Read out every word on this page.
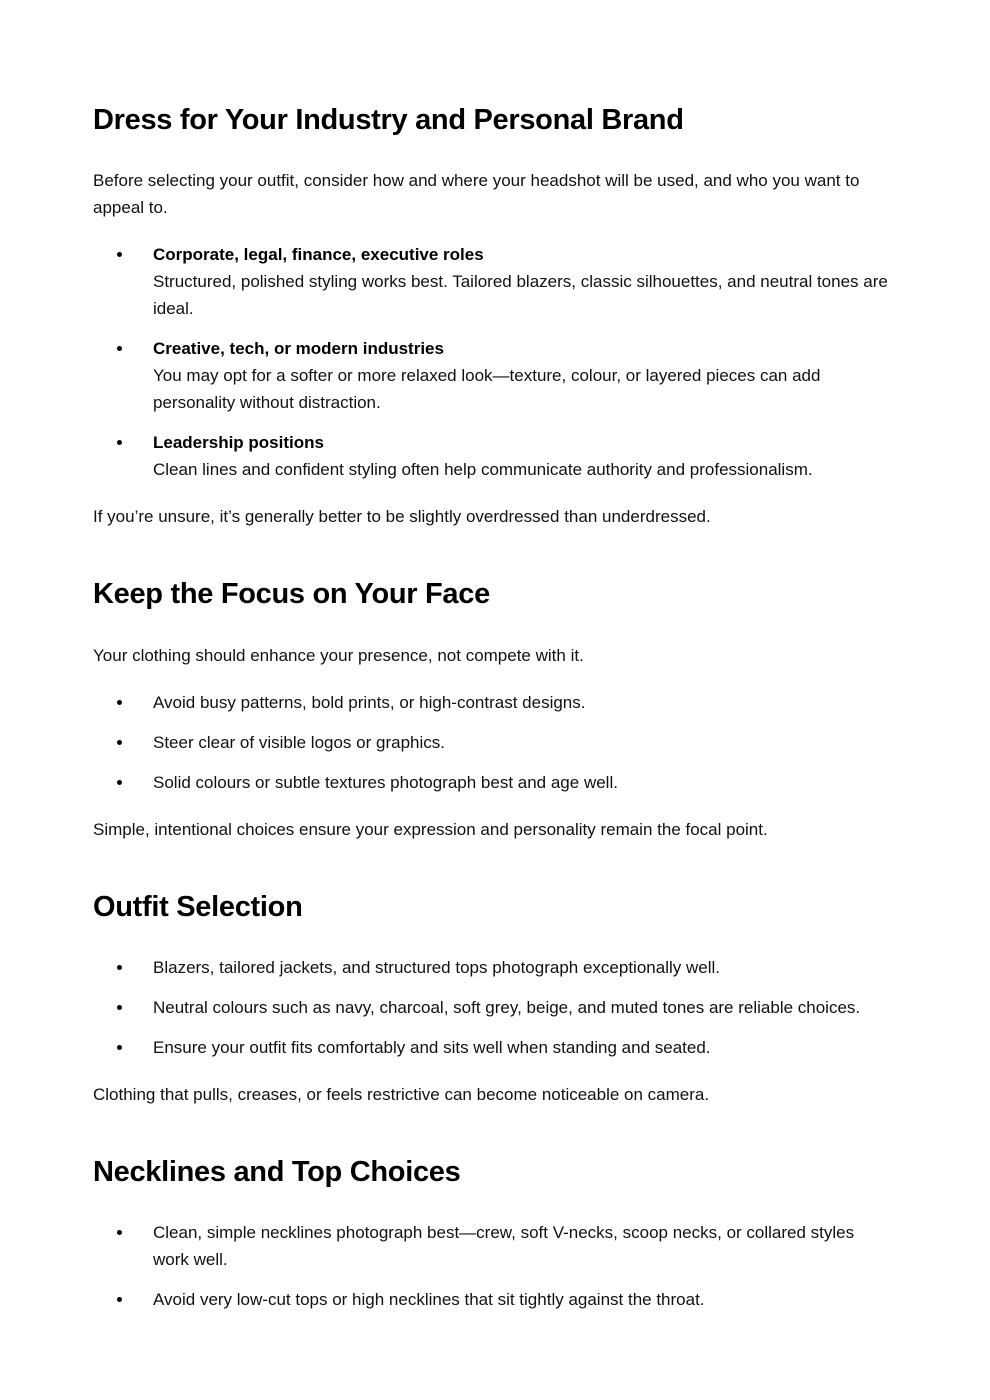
Dress for Your Industry and Personal Brand

Before selecting your outfit, consider how and where your headshot will be used, and who you want to appeal to.

Corporate, legal, finance, executive roles
Structured, polished styling works best. Tailored blazers, classic silhouettes, and neutral tones are ideal.
Creative, tech, or modern industries
You may opt for a softer or more relaxed look—texture, colour, or layered pieces can add personality without distraction.
Leadership positions
Clean lines and confident styling often help communicate authority and professionalism.

If you’re unsure, it’s generally better to be slightly overdressed than underdressed.

Keep the Focus on Your Face

Your clothing should enhance your presence, not compete with it.

Avoid busy patterns, bold prints, or high-contrast designs.
Steer clear of visible logos or graphics.
Solid colours or subtle textures photograph best and age well.

Simple, intentional choices ensure your expression and personality remain the focal point.

Outfit Selection
Blazers, tailored jackets, and structured tops photograph exceptionally well.
Neutral colours such as navy, charcoal, soft grey, beige, and muted tones are reliable choices.
Ensure your outfit fits comfortably and sits well when standing and seated.

Clothing that pulls, creases, or feels restrictive can become noticeable on camera.

Necklines and Top Choices
Clean, simple necklines photograph best—crew, soft V-necks, scoop necks, or collared styles work well.
Avoid very low-cut tops or high necklines that sit tightly against the throat.
